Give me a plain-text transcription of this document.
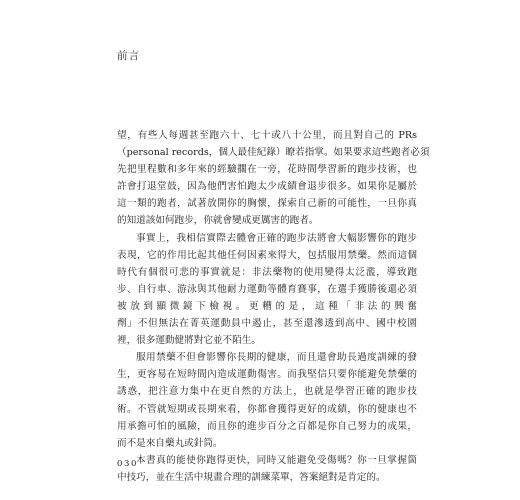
前言
望，有些人每週甚至跑六十、七十或八十公里，而且對自己的 PRs
（personal records，個人最佳紀錄）瞭若指掌。如果要求這些跑者必須
先把里程數和多年來的經驗擱在一旁，花時間學習新的跑步技術，也
許會打退堂鼓，因為他們害怕跑太少成績會退步很多。如果你是屬於
這一類的跑者，試著放開你的胸懷，探索自己新的可能性，一旦你真
的知道該如何跑步，你就會變成更厲害的跑者。
事實上，我相信實際去體會正確的跑步法將會大幅影響你的跑步
表現，它的作用比起其他任何因素來得大，包括服用禁藥。然而這個
時代有個很可悲的事實就是：非法藥物的使用變得太泛濫，導致跑
步、自行車、游泳與其他耐力運動等體育賽事，在選手獲勝後還必須
被放到顯微鏡下檢視。更糟的是，這種「非法的興奮
劑」不但無法在菁英運動員中遏止，甚至還滲透到高中、國中校園
裡，很多運動健將對它並不陌生。
服用禁藥不但會影響你長期的健康，而且還會助長過度訓練的發
生，更容易在短時間內造成運動傷害。而我堅信只要你能避免禁藥的
誘惑，把注意力集中在更自然的方法上，也就是學習正確的跑步技
術。不管就短期或長期來看，你都會獲得更好的成績，你的健康也不
用承擔可怕的風險，而且你的進步百分之百都是你自己努力的成果，
而不是來自藥丸或針筒。
本書真的能使你跑得更快，同時又能避免受傷嗎？你一旦掌握箇
中技巧，並在生活中規畫合理的訓練菜單，答案絕對是肯定的。
030
